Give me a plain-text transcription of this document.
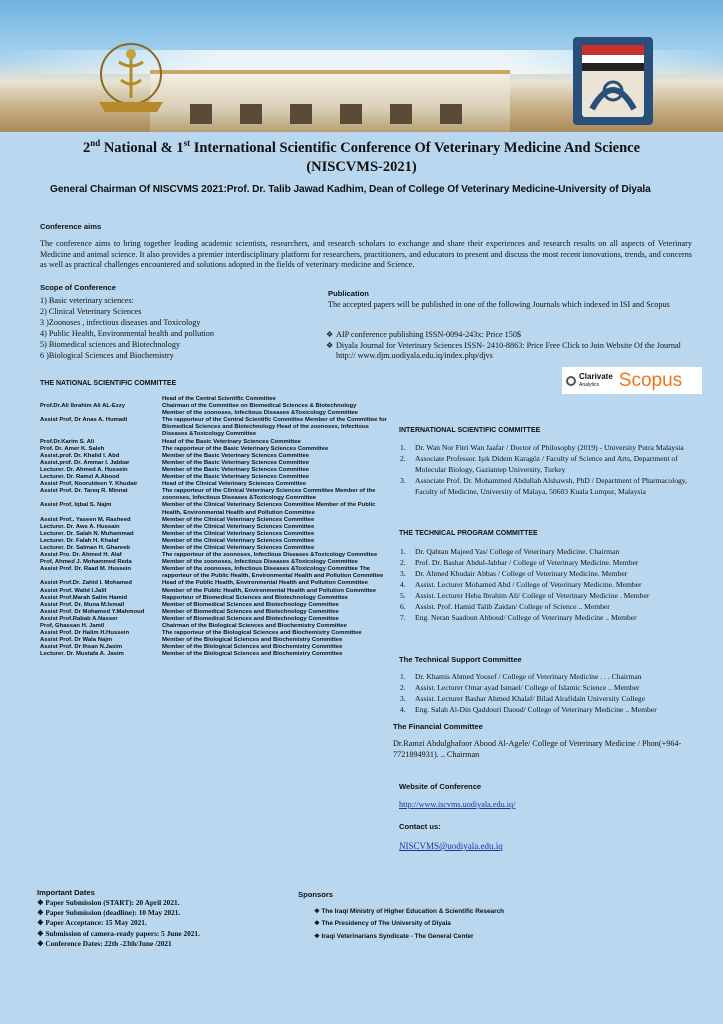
2nd National & 1st International Scientific Conference Of Veterinary Medicine And Science
(NISCVMS-2021)
General Chairman Of NISCVMS 2021:Prof. Dr. Talib Jawad Kadhim, Dean of College Of Veterinary Medicine-University of Diyala
Conference aims
The conference aims to bring together leading academic scientists, researchers, and research scholars to exchange and share their experiences and research results on all aspects of Veterinary Medicine and animal science. It also provides a premier interdisciplinary platform for researchers, practitioners, and educators to present and discuss the most recent innovations, trends, and concerns as well as practical challenges encountered and solutions adopted in the fields of veterinary medicine and Science.
Scope of Conference
1) Basic veterinary sciences:
2) Clinical Veterinary Sciences
3 )Zoonoses , infectious diseases and Toxicology
4) Public Health, Environmental health and pollution
5) Biomedical sciences and Biotechnology
6 )Biological Sciences and Biochemistry
Publication
The accepted papers will be published in one of the following Journals which indexed in ISI and Scopus
❖ AIP conference publishing ISSN-0094-243x: Price 150$
❖ Diyala Journal for Veterinary Sciences ISSN- 2410-8863: Price Free Click to Join Website Of the Journal http:// www.djm.uodiyala.edu.iq/index.php/djvs
Clarivate
Analytics	Scopus
THE NATIONAL SCIENTIFIC COMMITTEE
Head of the Central Scientific Committee
Prof.Dr.Ali Ibrahim Ali AL-Ezzy	Chairman of the Committee on Biomedical Sciences & Biotechnology
Member of the zoonoses, Infectious Diseases &Toxicology Committee
Assist Prof, Dr Anas A. Humadi	The rapporteur of the Central Scientific Committee Member of the Committee for Biomedical Sciences and Biotechnology Head of the zoonoses, Infectious Diseases &Toxicology Committee
Prof.Dr.Karim S. Ali	Head of the Basic Veterinary Sciences Committee
Prof. Dr. Amer K. Saleh	The rapporteur of the Basic Veterinary Sciences Committee
Assist.prof. Dr. Khalid I. Abd	Member of the Basic Veterinary Sciences Committee
Assist.prof. Dr. Ammar I. Jabbar	Member of the Basic Veterinary Sciences Committee
Lecturer. Dr. Ahmed A. Hussein	Member of the Basic Veterinary Sciences Committee
Lecturer. Dr. Ramzi A.Abood	Member of the Basic Veterinary Sciences Committee
Assist Prof, Nooruldeen Y. Khudair	Head of the Clinical Veterinary Sciences Committee
Assist Prof. Dr. Tareq R. Minnat	The rapporteur of the Clinical Veterinary Sciences Committee Member of the zoonoses, Infectious Diseases &Toxicology Committee
Assist Prof, Iqbal S. Najm	Member of the Clinical Veterinary Sciences Committee Member of the Public Health, Environmental Health and Pollution Committee
Assist Prof,. Yaseen M. Rasheed	Member of the Clinical Veterinary Sciences Committee
Lecturer. Dr. Aws A. Hussain	Member of the Clinical Veterinary Sciences Committee
Lecturer. Dr. Salah N. Muhammad	Member of the Clinical Veterinary Sciences Committee
Lecturer. Dr. Falah H. Khalaf	Member of the Clinical Veterinary Sciences Committee
Lecturer. Dr. Salman H. Ghareeb	Member of the Clinical Veterinary Sciences Committee
Assist Pro. Dr. Ahmed H. Alaf	The rapporteur of the zoonoses, Infectious Diseases &Toxicology Committee
Prof, Ahmed J. Mohammed Reda	Member of the zoonoses, Infectious Diseases &Toxicology Committee
Assist Prof. Dr. Raad M. Hussein	Member of the zoonoses, Infectious Diseases &Toxicology Committee The rapporteur of the Public Health, Environmental Health and Pollution Committee
Assist Prof.Dr. Zahid I. Mohamed	Head of the Public Health, Environmental Health and Pollution Committee
Assist Prof. Walid I.Jalil	Member of the Public Health, Environmental Health and Pollution Committee
Assist Prof.Marah Salim Hamid	Rapporteur of Biomedical Sciences and Biotechnology Committee
Assist Prof. Dr. Muna M.Ismail	Member of Biomedical Sciences and Biotechnology Committee
Assist Prof. Dr Mohamed Y.Mahmoud	Member of Biomedical Sciences and Biotechnology Committee
Assist Prof.Rabab A.Nasser	Member of Biomedical Sciences and Biotechnology Committee
Prof, Ghassan H. Jamil	Chairman of the Biological Sciences and Biochemistry Committee
Assist Prof. Dr Halim H.Hussein	The rapporteur of the Biological Sciences and Biochemistry Committee
Assist Prof. Dr Wala Najm	Member of the Biological Sciences and Biochemistry Committee
Assist Prof. Dr Ihsan N.Jasim	Member of the Biological Sciences and Biochemistry Committee
Lecturer. Dr. Mustafa A. Jasim	Member of the Biological Sciences and Biochemistry Committee
INTERNATIONAL SCIENTIFIC COMMITTEE
1.	Dr. Wan Nor Fitri Wan Jaafar / Doctor of Philosophy (2019) - University Putra Malaysia
2.	Associate Professor. Işık Didem Karagöz / Faculty of Science and Arts, Department of Molecular Biology, Gaziantep University, Turkey
3.	Associate Prof. Dr. Mohammed Abdullah Alshawsh, PhD / Department of Pharmacology, Faculty of Medicine, University of Malaya, 50603 Kuala Lumpur, Malaysia
THE TECHNICAL PROGRAM COMMITTEE
1.	Dr. Qahtan Majeed Yas/ College of Veterinary Medicine. Chairman
2.	Prof. Dr. Bashar Abdul-Jabbar / College of Veterinary Medicine. Member
3.	Dr. Ahmed Khudair Abbas / College of Veterinary Medicine. Member
4.	Assist. Lecturer Mohamed Abd / College of Veterinary Medicine. Member
5.	Assist. Lecturer Heba Ibrahim Ali/ College of Veterinary Medicine . Member
6.	Assist. Prof. Hamid Talib Zaidan/ College of Science .. Member
7.	Eng. Neran Saadoun Abboud/ College of Veterinary Medicine .. Member
The Technical Support Committee
1.	Dr. Khamis Ahmed Yousef / College of Veterinary Medicine . . . Chairman
2.	Assist. Lecturer Omar ayad Ismael/ College of Islamic Science .. Member
3.	Assist. Lecturer Bashar Ahmed Khalaf/ Bilad Alrafidain University College
4.	Eng. Salah Al-Din Qaddouri Daoud/ College of Veterinary Medicine .. Member
The Financial Committee
Dr.Ramzi Abdulghafoor Abood Al-Agele/ College of Veterinary Medicine / Phon(+964-7721894931). .. Chairman
Website of Conference
http://www.iscvms.uodiyala.edu.iq/
Contact us:
NISCVMS@uodiyala.edu.iq
Important Dates
❖ Paper Submission (START): 20 April 2021.
❖ Paper Submission (deadline): 10 May 2021.
❖ Paper Acceptance: 15 May 2021.
❖ Submission of camera-ready papers: 5 June 2021.
❖ Conference Dates: 22th -23th/June /2021
Sponsors
❖ The Iraqi Ministry of Higher Education & Scientific Research
❖ The Presidency of The University of Diyala
❖ Iraqi Veterinarians Syndicate - The General Center
